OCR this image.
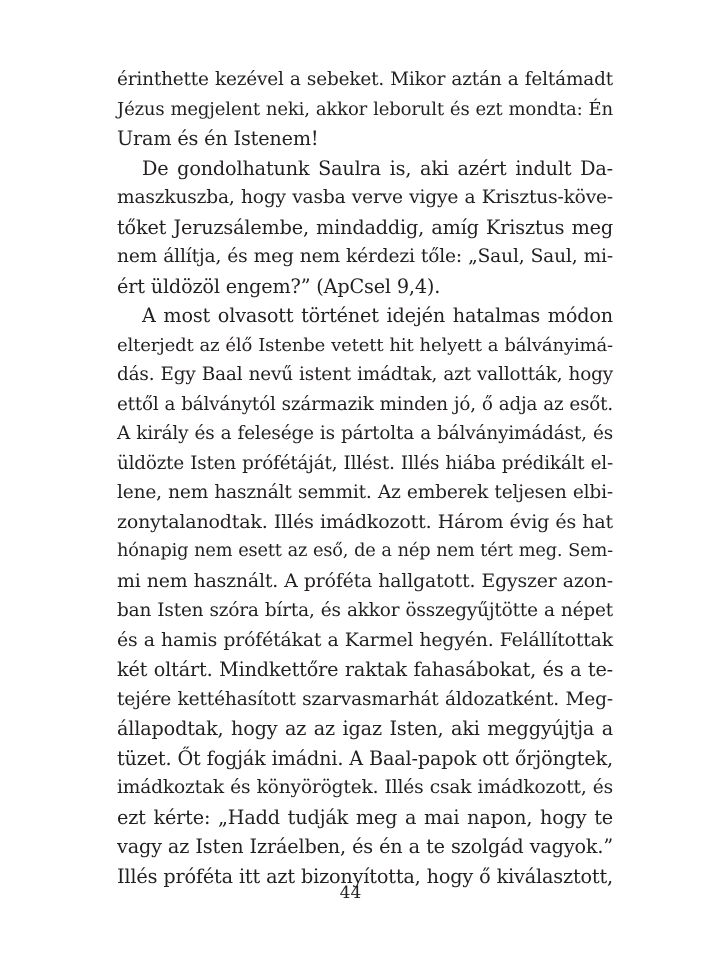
érinthette kezével a sebeket. Mikor aztán a feltámadt
Jézus megjelent neki, akkor leborult és ezt mondta: Én
Uram és én Istenem!
De gondolhatunk Saulra is, aki azért indult Da-
maszkuszba, hogy vasba verve vigye a Krisztus-köve-
tőket Jeruzsálembe, mindaddig, amíg Krisztus meg
nem állítja, és meg nem kérdezi tőle: „Saul, Saul, mi-
ért üldözöl engem?” (ApCsel 9,4).
A most olvasott történet idején hatalmas módon
elterjedt az élő Istenbe vetett hit helyett a bálványimá-
dás. Egy Baal nevű istent imádtak, azt vallották, hogy
ettől a bálványtól származik minden jó, ő adja az esőt.
A király és a felesége is pártolta a bálványimádást, és
üldözte Isten prófétáját, Illést. Illés hiába prédikált el-
lene, nem használt semmit. Az emberek teljesen elbi-
zonytalanodtak. Illés imádkozott. Három évig és hat
hónapig nem esett az eső, de a nép nem tért meg. Sem-
mi nem használt. A próféta hallgatott. Egyszer azon-
ban Isten szóra bírta, és akkor összegyűjtötte a népet
és a hamis prófétákat a Karmel hegyén. Felállítottak
két oltárt. Mindkettőre raktak fahasábokat, és a te-
tejére kettéhasított szarvasmarhát áldozatként. Meg-
állapodtak, hogy az az igaz Isten, aki meggyújtja a
tüzet. Őt fogják imádni. A Baal-papok ott őrjöngtek,
imádkoztak és könyörögtek. Illés csak imádkozott, és
ezt kérte: „Hadd tudják meg a mai napon, hogy te
vagy az Isten Izráelben, és én a te szolgád vagyok.”
Illés próféta itt azt bizonyította, hogy ő kiválasztott,
44
